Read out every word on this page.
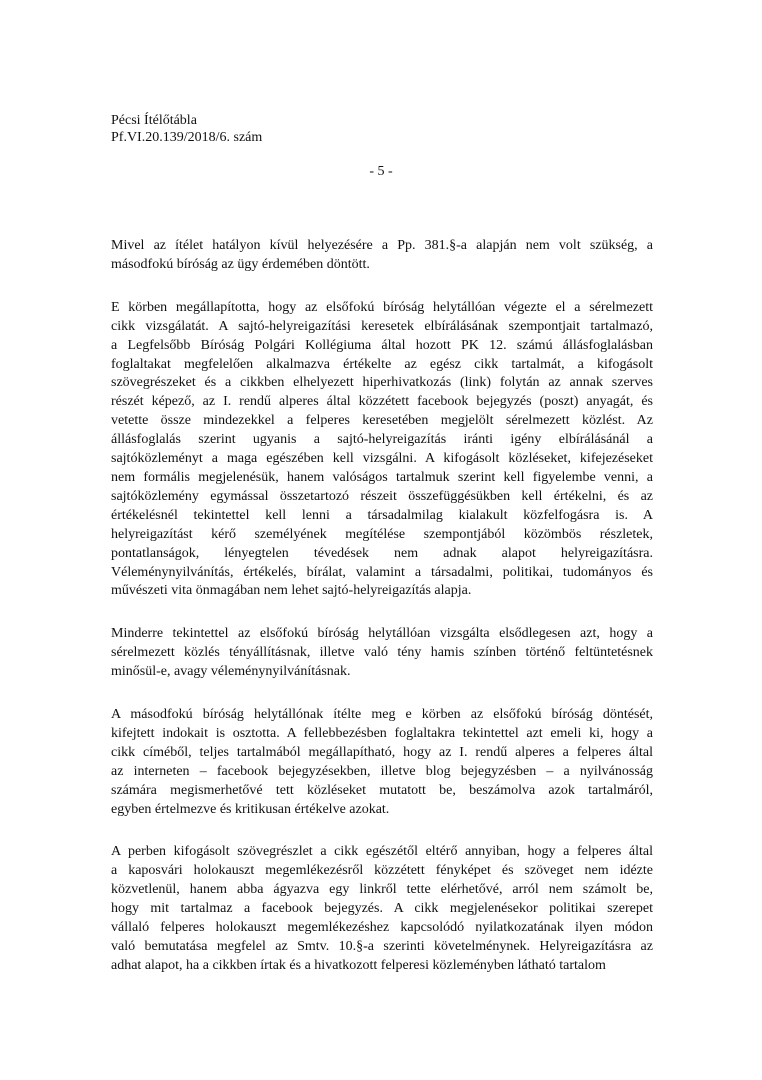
Pécsi Ítélőtábla
Pf.VI.20.139/2018/6. szám
- 5 -

Mivel az ítélet hatályon kívül helyezésére a Pp. 381.§-a alapján nem volt szükség, a
másodfokú bíróság az ügy érdemében döntött.

E körben megállapította, hogy az elsőfokú bíróság helytállóan végezte el a sérelmezett
cikk vizsgálatát. A sajtó-helyreigazítási keresetek elbírálásának szempontjait tartalmazó,
a Legfelsőbb Bíróság Polgári Kollégiuma által hozott PK 12. számú állásfoglalásban
foglaltakat megfelelően alkalmazva értékelte az egész cikk tartalmát, a kifogásolt
szövegrészeket és a cikkben elhelyezett hiperhivatkozás (link) folytán az annak szerves
részét képező, az I. rendű alperes által közzétett facebook bejegyzés (poszt) anyagát, és
vetette össze mindezekkel a felperes keresetében megjelölt sérelmezett közlést. Az
állásfoglalás szerint ugyanis a sajtó-helyreigazítás iránti igény elbírálásánál a
sajtóközleményt a maga egészében kell vizsgálni. A kifogásolt közléseket, kifejezéseket
nem formális megjelenésük, hanem valóságos tartalmuk szerint kell figyelembe venni, a
sajtóközlemény egymással összetartozó részeit összefüggésükben kell értékelni, és az
értékelésnél tekintettel kell lenni a társadalmilag kialakult közfelfogásra is. A
helyreigazítást kérő személyének megítélése szempontjából közömbös részletek,
pontatlanságok, lényegtelen tévedések nem adnak alapot helyreigazításra.
Véleménynyilvánítás, értékelés, bírálat, valamint a társadalmi, politikai, tudományos és
művészeti vita önmagában nem lehet sajtó-helyreigazítás alapja.

Minderre tekintettel az elsőfokú bíróság helytállóan vizsgálta elsődlegesen azt, hogy a
sérelmezett közlés tényállításnak, illetve való tény hamis színben történő feltüntetésnek
minősül-e, avagy véleménynyilvánításnak.

A másodfokú bíróság helytállónak ítélte meg e körben az elsőfokú bíróság döntését,
kifejtett indokait is osztotta. A fellebbezésben foglaltakra tekintettel azt emeli ki, hogy a
cikk címéből, teljes tartalmából megállapítható, hogy az I. rendű alperes a felperes által
az interneten – facebook bejegyzésekben, illetve blog bejegyzésben – a nyilvánosság
számára megismerhetővé tett közléseket mutatott be, beszámolva azok tartalmáról,
egyben értelmezve és kritikusan értékelve azokat.

A perben kifogásolt szövegrészlet a cikk egészétől eltérő annyiban, hogy a felperes által
a kaposvári holokauszt megemlékezésről közzétett fényképet és szöveget nem idézte
közvetlenül, hanem abba ágyazva egy linkről tette elérhetővé, arról nem számolt be,
hogy mit tartalmaz a facebook bejegyzés. A cikk megjelenésekor politikai szerepet
vállaló felperes holokauszt megemlékezéshez kapcsolódó nyilatkozatának ilyen módon
való bemutatása megfelel az Smtv. 10.§-a szerinti követelménynek. Helyreigazításra az
adhat alapot, ha a cikkben írtak és a hivatkozott felperesi közleményben látható tartalom
